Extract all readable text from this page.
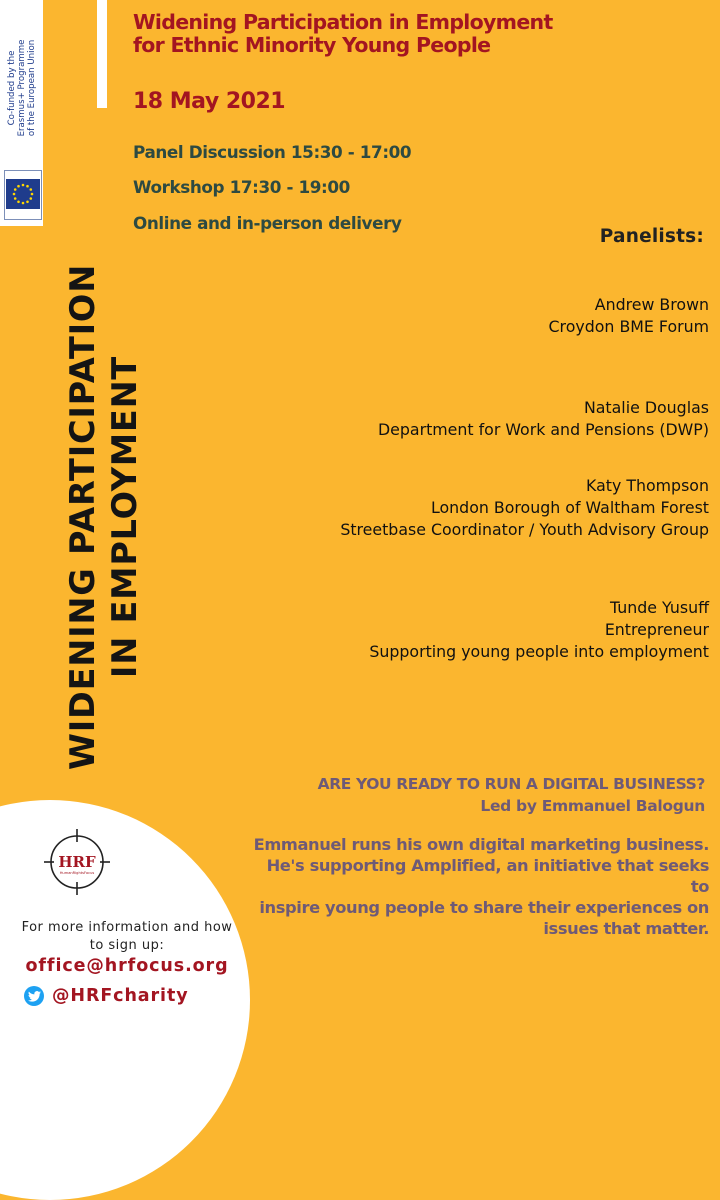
Co-funded by the Erasmus+ Programme of the European Union
Widening Participation in Employment
for Ethnic Minority Young People
18 May 2021
Panel Discussion 15:30 - 17:00
Workshop 17:30 - 19:00
Online and in-person delivery
WIDENING PARTICIPATION IN EMPLOYMENT
Panelists:
Andrew Brown
Croydon BME Forum
Natalie Douglas
Department for Work and Pensions (DWP)
Katy Thompson
London Borough of Waltham Forest
Streetbase Coordinator / Youth Advisory Group
Tunde Yusuff
Entrepreneur
Supporting young people into employment
ARE YOU READY TO RUN A DIGITAL BUSINESS?
Led by Emmanuel Balogun
Emmanuel runs his own digital marketing business.
He's supporting Amplified, an initiative that seeks to
inspire young people to share their experiences on
issues that matter.
HRF
HumanRightsFocus
For more information and how
to sign up:
office@hrfocus.org
@HRFcharity
